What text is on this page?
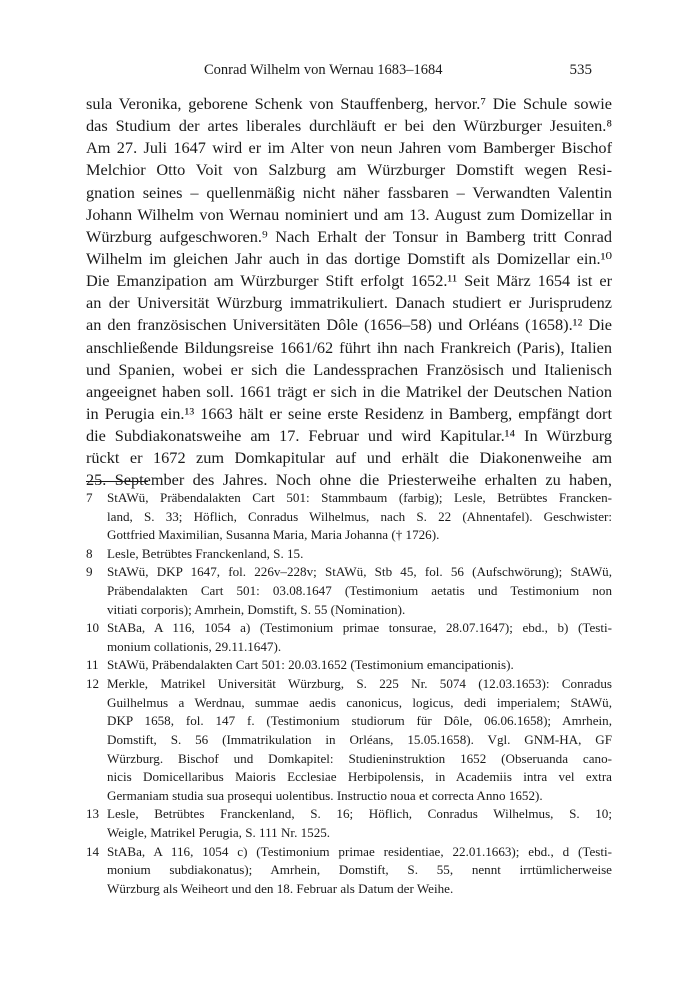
Conrad Wilhelm von Wernau 1683–1684	535
sula Veronika, geborene Schenk von Stauffenberg, hervor.⁷ Die Schule sowie
das Studium der artes liberales durchläuft er bei den Würzburger Jesuiten.⁸
Am 27. Juli 1647 wird er im Alter von neun Jahren vom Bamberger Bischof
Melchior Otto Voit von Salzburg am Würzburger Domstift wegen Resi-
gnation seines – quellenmäßig nicht näher fassbaren – Verwandten Valentin
Johann Wilhelm von Wernau nominiert und am 13. August zum Domizellar in
Würzburg aufgeschworen.⁹ Nach Erhalt der Tonsur in Bamberg tritt Conrad
Wilhelm im gleichen Jahr auch in das dortige Domstift als Domizellar ein.¹⁰
Die Emanzipation am Würzburger Stift erfolgt 1652.¹¹ Seit März 1654 ist er
an der Universität Würzburg immatrikuliert. Danach studiert er Jurisprudenz
an den französischen Universitäten Dôle (1656–58) und Orléans (1658).¹² Die
anschließende Bildungsreise 1661/62 führt ihn nach Frankreich (Paris), Italien
und Spanien, wobei er sich die Landessprachen Französisch und Italienisch
angeeignet haben soll. 1661 trägt er sich in die Matrikel der Deutschen Nation
in Perugia ein.¹³ 1663 hält er seine erste Residenz in Bamberg, empfängt dort
die Subdiakonatsweihe am 17. Februar und wird Kapitular.¹⁴ In Würzburg
rückt er 1672 zum Domkapitular auf und erhält die Diakonenweihe am
25. September des Jahres. Noch ohne die Priesterweihe erhalten zu haben,
7 StAWü, Präbendalakten Cart 501: Stammbaum (farbig); Lesle, Betrübtes Francken-
land, S. 33; Höflich, Conradus Wilhelmus, nach S. 22 (Ahnentafel). Geschwister:
Gottfried Maximilian, Susanna Maria, Maria Johanna († 1726).
8 Lesle, Betrübtes Franckenland, S. 15.
9 StAWü, DKP 1647, fol. 226v–228v; StAWü, Stb 45, fol. 56 (Aufschwörung); StAWü,
Präbendalakten Cart 501: 03.08.1647 (Testimonium aetatis und Testimonium non
vitiati corporis); Amrhein, Domstift, S. 55 (Nomination).
10 StABa, A 116, 1054 a) (Testimonium primae tonsurae, 28.07.1647); ebd., b) (Testi-
monium collationis, 29.11.1647).
11 StAWü, Präbendalakten Cart 501: 20.03.1652 (Testimonium emancipationis).
12 Merkle, Matrikel Universität Würzburg, S. 225 Nr. 5074 (12.03.1653): Conradus
Guilhelmus a Werdnau, summae aedis canonicus, logicus, dedi imperialem; StAWü,
DKP 1658, fol. 147 f. (Testimonium studiorum für Dôle, 06.06.1658); Amrhein,
Domstift, S. 56 (Immatrikulation in Orléans, 15.05.1658). Vgl. GNM-HA, GF
Würzburg. Bischof und Domkapitel: Studieninstruktion 1652 (Obseruanda cano-
nicis Domicellaribus Maioris Ecclesiae Herbipolensis, in Academiis intra vel extra
Germaniam studia sua prosequi uolentibus. Instructio noua et correcta Anno 1652).
13 Lesle, Betrübtes Franckenland, S. 16; Höflich, Conradus Wilhelmus, S. 10;
Weigle, Matrikel Perugia, S. 111 Nr. 1525.
14 StABa, A 116, 1054 c) (Testimonium primae residentiae, 22.01.1663); ebd., d (Testi-
monium subdiakonatus); Amrhein, Domstift, S. 55, nennt irrtümlicherweise
Würzburg als Weiheort und den 18. Februar als Datum der Weihe.
